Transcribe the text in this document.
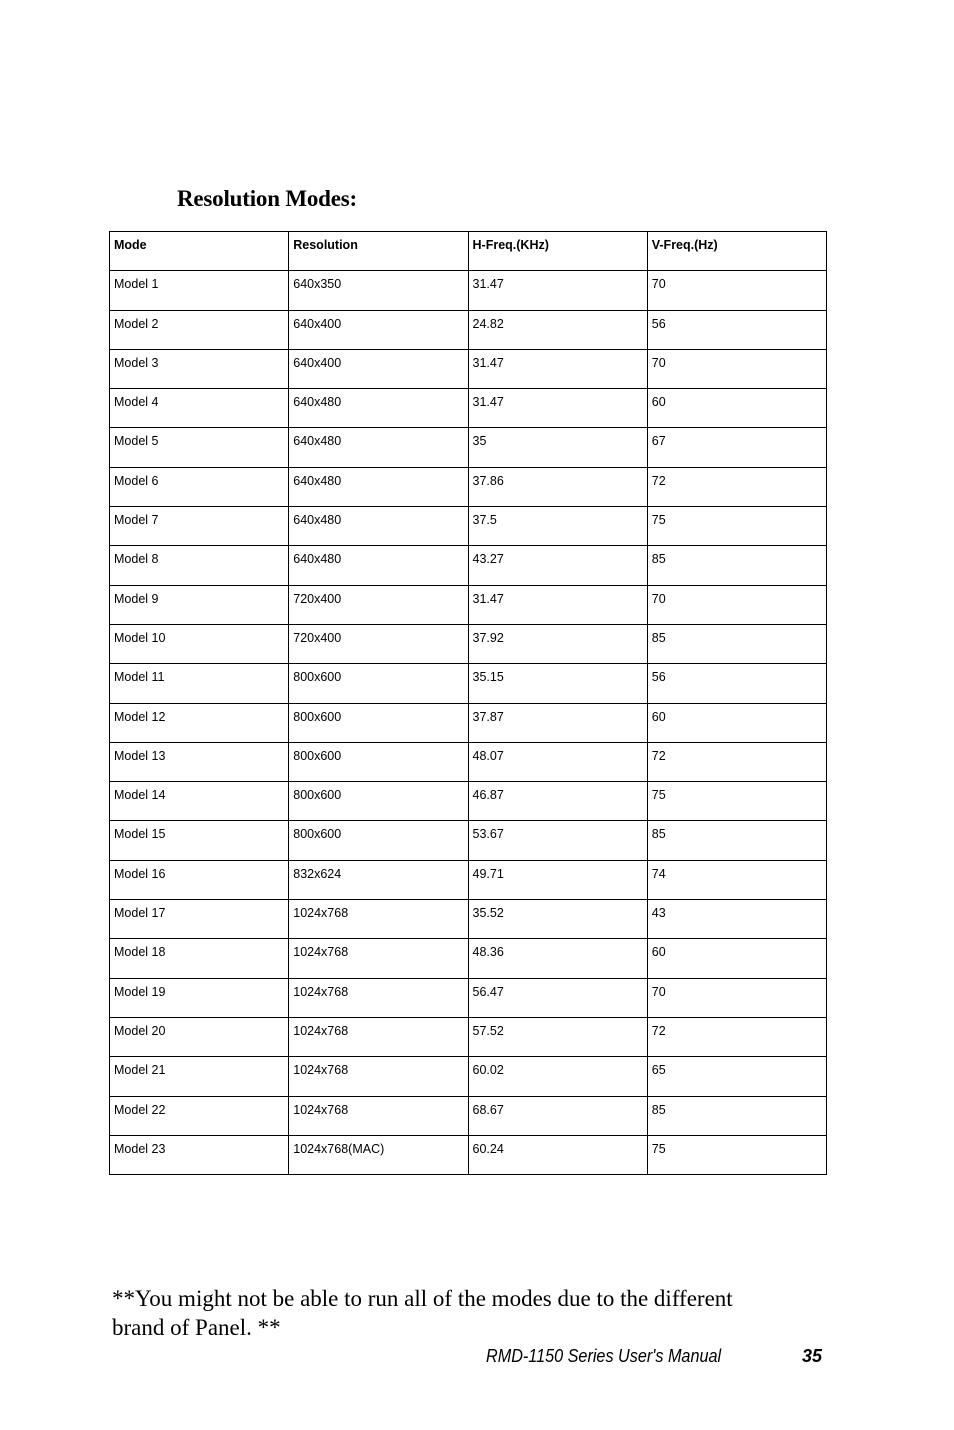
Resolution Modes:
Mode	Resolution	H-Freq.(KHz)	V-Freq.(Hz)

Model 1	640x350	31.47	70

Model 2	640x400	24.82	56

Model 3	640x400	31.47	70

Model 4	640x480	31.47	60

Model 5	640x480	35	67

Model 6	640x480	37.86	72

Model 7	640x480	37.5	75

Model 8	640x480	43.27	85

Model 9	720x400	31.47	70

Model 10	720x400	37.92	85

Model 11	800x600	35.15	56

Model 12	800x600	37.87	60

Model 13	800x600	48.07	72

Model 14	800x600	46.87	75

Model 15	800x600	53.67	85

Model 16	832x624	49.71	74

Model 17	1024x768	35.52	43

Model 18	1024x768	48.36	60

Model 19	1024x768	56.47	70

Model 20	1024x768	57.52	72

Model 21	1024x768	60.02	65

Model 22	1024x768	68.67	85

Model 23	1024x768(MAC)	60.24	75

**You might not be able to run all of the modes due to the different brand of Panel. **

RMD-1150 Series User's Manual	35
